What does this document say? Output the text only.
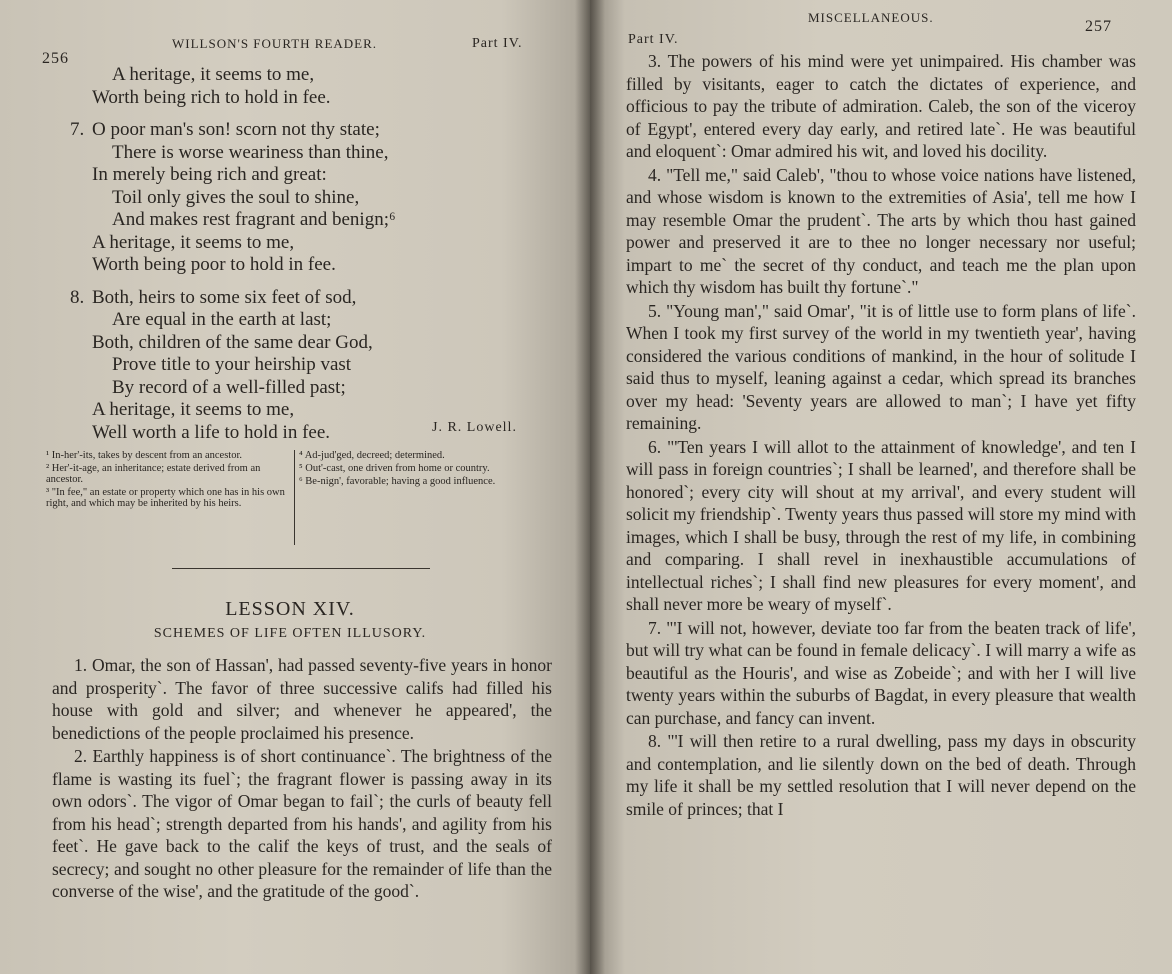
256
WILLSON'S FOURTH READER.	Part IV.
A heritage, it seems to me,
Worth being rich to hold in fee.
7. O poor man's son! scorn not thy state;
There is worse weariness than thine,
In merely being rich and great:
Toil only gives the soul to shine,
And makes rest fragrant and benign;⁶
A heritage, it seems to me,
Worth being poor to hold in fee.
8. Both, heirs to some six feet of sod,
Are equal in the earth at last;
Both, children of the same dear God,
Prove title to your heirship vast
By record of a well-filled past;
A heritage, it seems to me,
Well worth a life to hold in fee.	J. R. Lowell.
¹ In-her'-its, takes by descent from an ancestor.
² Her'-it-age, an inheritance; estate derived from an ancestor.
³ "In fee," an estate or property which one has in his own right, and which may be inherited by his heirs.
⁴ Ad-jud'ged, decreed; determined.
⁵ Out'-cast, one driven from home or country.
⁶ Be-nign', favorable; having a good influence.
LESSON XIV.
SCHEMES OF LIFE OFTEN ILLUSORY.

1. Omar, the son of Hassan', had passed seventy-five years in honor and prosperity`. The favor of three successive califs had filled his house with gold and silver; and whenever he appeared', the benedictions of the people proclaimed his presence.

2. Earthly happiness is of short continuance`. The brightness of the flame is wasting its fuel`; the fragrant flower is passing away in its own odors`. The vigor of Omar began to fail`; the curls of beauty fell from his head`; strength departed from his hands', and agility from his feet`. He gave back to the calif the keys of trust, and the seals of secrecy; and sought no other pleasure for the remainder of life than the converse of the wise', and the gratitude of the good`.

Part IV.
MISCELLANEOUS.
257

3. The powers of his mind were yet unimpaired. His chamber was filled by visitants, eager to catch the dictates of experience, and officious to pay the tribute of admiration. Caleb, the son of the viceroy of Egypt', entered every day early, and retired late`. He was beautiful and eloquent`: Omar admired his wit, and loved his docility.

4. "Tell me," said Caleb', "thou to whose voice nations have listened, and whose wisdom is known to the extremities of Asia', tell me how I may resemble Omar the prudent`. The arts by which thou hast gained power and preserved it are to thee no longer necessary nor useful; impart to me` the secret of thy conduct, and teach me the plan upon which thy wisdom has built thy fortune`."

5. "Young man'," said Omar', "it is of little use to form plans of life`. When I took my first survey of the world in my twentieth year', having considered the various conditions of mankind, in the hour of solitude I said thus to myself, leaning against a cedar, which spread its branches over my head: 'Seventy years are allowed to man`; I have yet fifty remaining.

6. "'Ten years I will allot to the attainment of knowledge', and ten I will pass in foreign countries`; I shall be learned', and therefore shall be honored`; every city will shout at my arrival', and every student will solicit my friendship`. Twenty years thus passed will store my mind with images, which I shall be busy, through the rest of my life, in combining and comparing. I shall revel in inexhaustible accumulations of intellectual riches`; I shall find new pleasures for every moment', and shall never more be weary of myself`.

7. "'I will not, however, deviate too far from the beaten track of life', but will try what can be found in female delicacy`. I will marry a wife as beautiful as the Houris', and wise as Zobeide`; and with her I will live twenty years within the suburbs of Bagdat, in every pleasure that wealth can purchase, and fancy can invent.

8. "'I will then retire to a rural dwelling, pass my days in obscurity and contemplation, and lie silently down on the bed of death. Through my life it shall be my settled resolution that I will never depend on the smile of princes; that I
